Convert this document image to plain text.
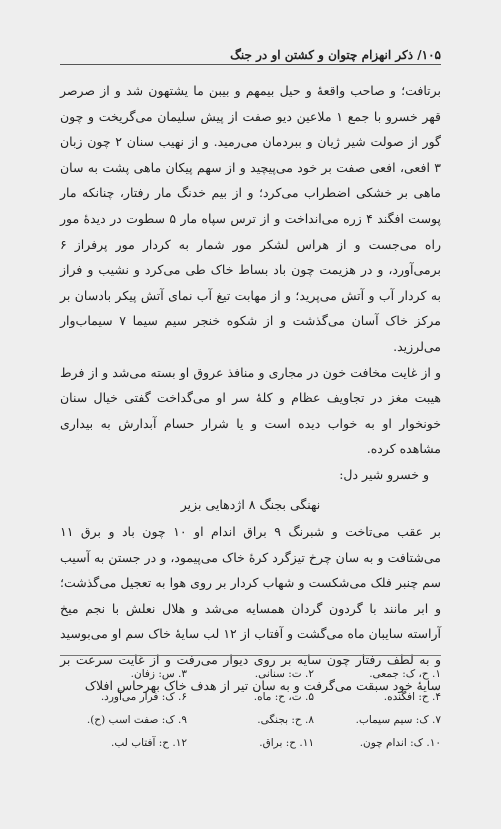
۱۰۵/ ذکر انهزام چتوان و کشتن او در جنگ

برتافت؛ و صاحب واقعهٔ و حیل بیمهم و بیبن ما یشتهون شد و از صرصر قهر خسرو با جمع ۱ ملاعین دیو صفت از پیش سلیمان می‌گریخت و چون گور از صولت شیر ژیان و ببردمان می‌رمید. و از نهیب سنان ۲ چون زبان ۳ افعی، افعی صفت بر خود می‌پیچید و از سهم پیکان ماهی پشت به سان ماهی بر خشکی اضطراب می‌کرد؛ و از بیم خدنگ مار رفتار، چنانکه مار پوست افگند ۴ زره می‌انداخت و از ترس سپاه مار ۵ سطوت در دیدهٔ مور راه می‌جست و از هراس لشکر مور شمار به کردار مور پرفراز ۶ برمی‌آورد، و در هزیمت چون باد بساط خاک طی می‌کرد و نشیب و فراز به کردار آب و آتش می‌پرید؛ و از مهابت تیغ آب نمای آتش پیکر بادسان بر مرکز خاک آسان می‌گذشت و از شکوه خنجر سیم سیما ۷ سیماب‌وار می‌لرزید.

و از غایت مخافت خون در مجاری و منافذ عروق او بسته می‌شد و از فرط هیبت مغز در تجاویف عظام و کلهٔ سر او می‌گداخت گفتی خیال سنان خونخوار او به خواب دیده است و یا شرار حسام آبدارش به بیداری مشاهده کرده.

و خسرو شیر دل:

نهنگی بجنگ ۸ اژدهایی بزیر

بر عقب می‌تاخت و شبرنگ ۹ براق اندام او ۱۰ چون باد و برق ۱۱ می‌شتافت و به سان چرخ تیزگرد کرهٔ خاک می‌پیمود، و در جستن به آسیب سم چنبر فلک می‌شکست و شهاب کردار بر روی هوا به تعجیل می‌گذشت؛ و ابر مانند با گردون گردان همسایه می‌شد و هلال نعلش با نجم میخ آراسته سایبان ماه می‌گشت و آفتاب از ۱۲ لب سایهٔ خاک سم او می‌بوسید و به لطف رفتار چون سایه بر روی دیوار می‌رفت و از غایت سرعت بر سایهٔ خود سبقت می‌گرفت و به سان تیر از هدف خاک بهرحاس افلاک

۱. ح، ک: جمعی.
۲. ت: سنانی.
۳. س: زفان.
۴. ح: افگنده.
۵. ت، ح: ماه.
۶. ک: فرار می‌آورد.
۷. ک: سیم سیماب.
۸. ح: بجنگی.
۹. ک: صفت اسب (ح).
۱۰. ک: اندام چون.
۱۱. ح: براق.
۱۲. ح: آفتاب لب.
